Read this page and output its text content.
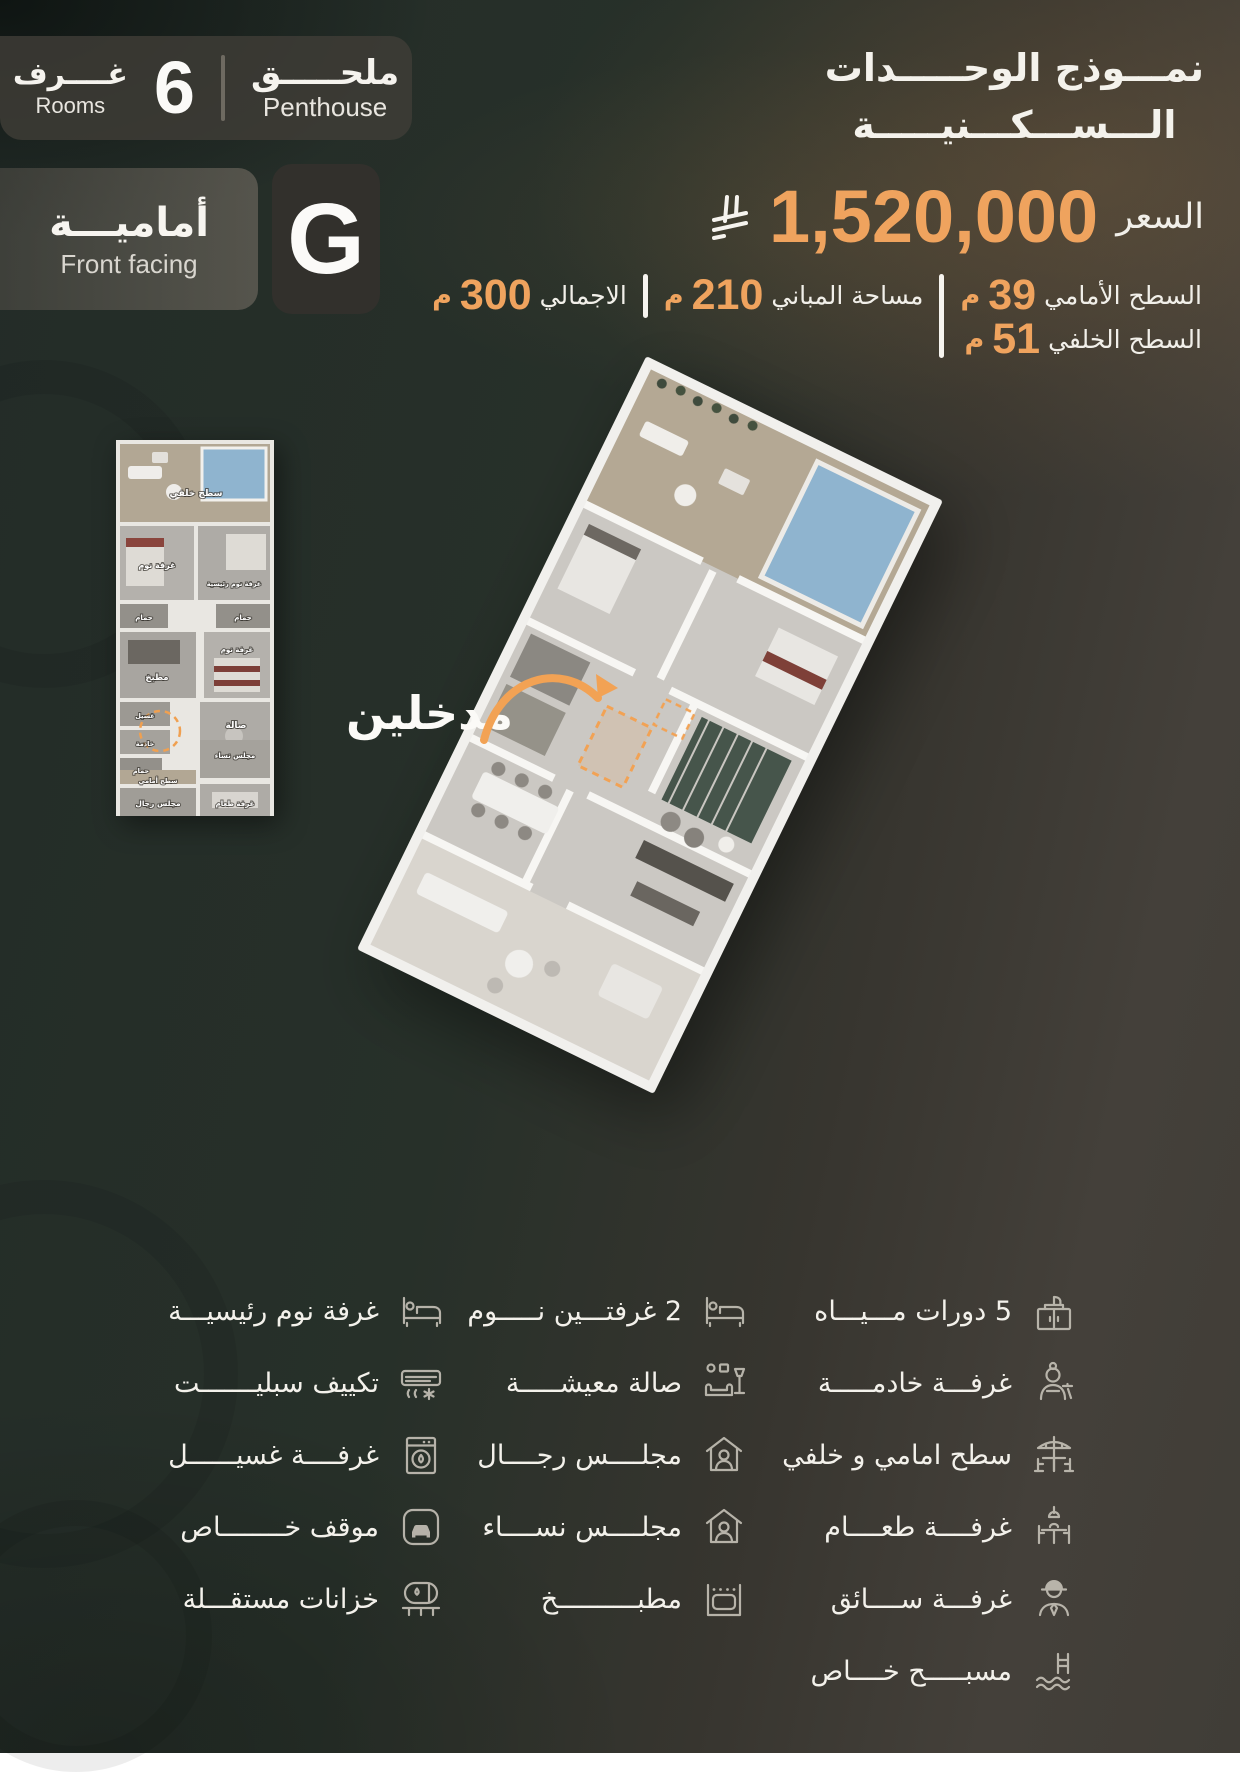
غــــرف
Rooms 6 ملحـــــق
Penthouse
أماميـــة
Front facing G
نمـــوذج الوحـــــدات
الـــســـكـــنيـــــة
السعر
1,520,000
السطح الأمامي
39
م
السطح الخلفي
51
م
مساحة المباني
210
م
الاجمالي
300
م
سطح خلفي
غرفة نوم
غرفة نوم رئيسية
حمام	حمام
مطبخ
غرفة نوم
غسيل
خادمة
حمام
صالة
مجلس نساء
سطح أمامي
مجلس رجال	غرفة طعام
مدخلين
5 دورات مـــيـــاه
غرفـــة خادمـــــة
سطح امامي و خلفي
غرفــــة طعــــام
غرفـــة ســــائق
مسبـــــح خــــاص
2 غرفتـــين نـــــوم
صالة معيشـــــة
مجلــــس رجــــال
مجلــــس نســــاء
مطبــــــــــخ
غرفة نوم رئيسيـــة
تكييف سبليـــــــت
غرفــــة غسيــــــل
موقف خــــــــاص
خزانات مستقـــلة
